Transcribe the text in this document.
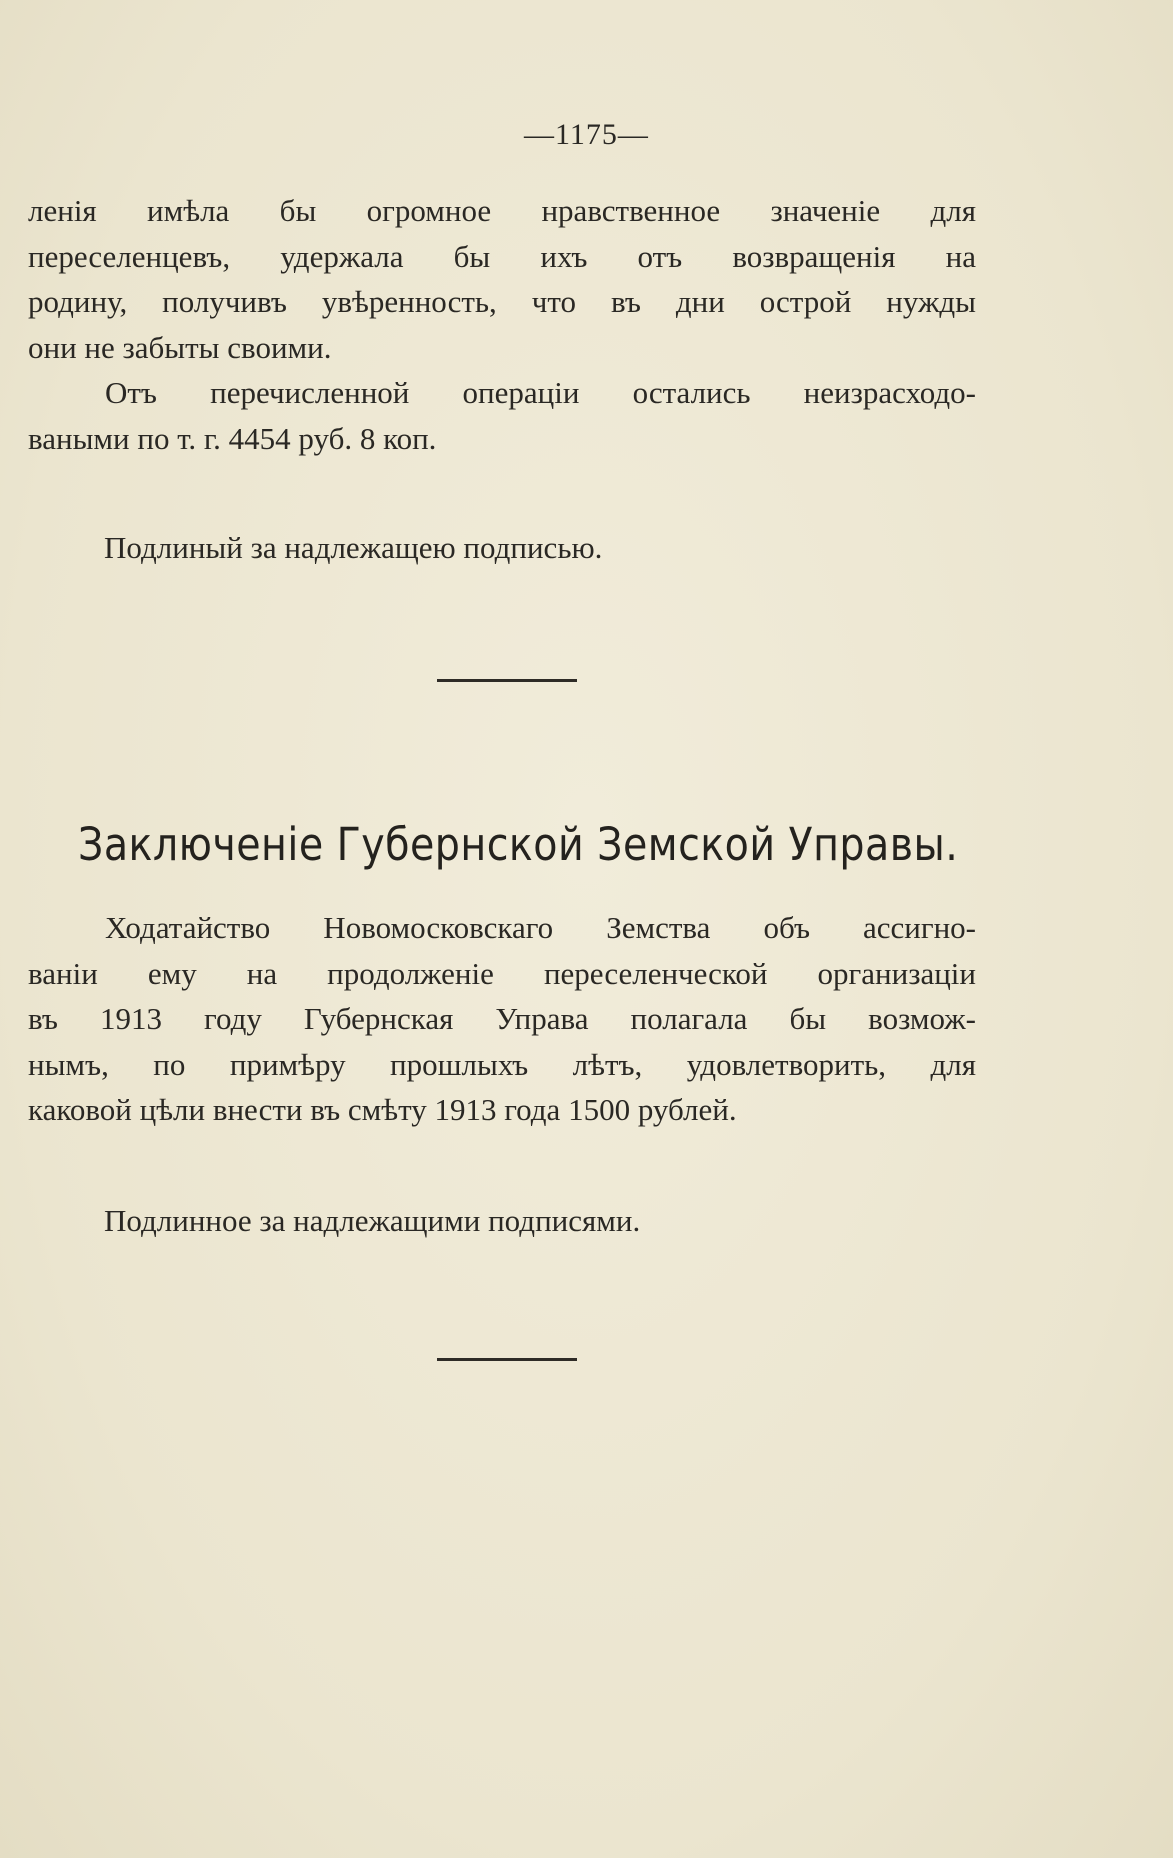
—1175—
ленія имѣла бы огромное нравственное значеніе для
переселенцевъ, удержала бы ихъ отъ возвращенія на
родину, получивъ увѣренность, что въ дни острой нужды
они не забыты своими.
Отъ перечисленной операціи остались неизрасходо-
ваными по т. г. 4454 руб. 8 коп.
Подлиный за надлежащею подписью.
Заключеніе Губернской Земской Управы.
Ходатайство Новомосковскаго Земства объ ассигно-
ваніи ему на продолженіе переселенческой организаціи
въ 1913 году Губернская Управа полагала бы возмож-
нымъ, по примѣру прошлыхъ лѣтъ, удовлетворить, для
каковой цѣли внести въ смѣту 1913 года 1500 рублей.
Подлинное за надлежащими подписями.
